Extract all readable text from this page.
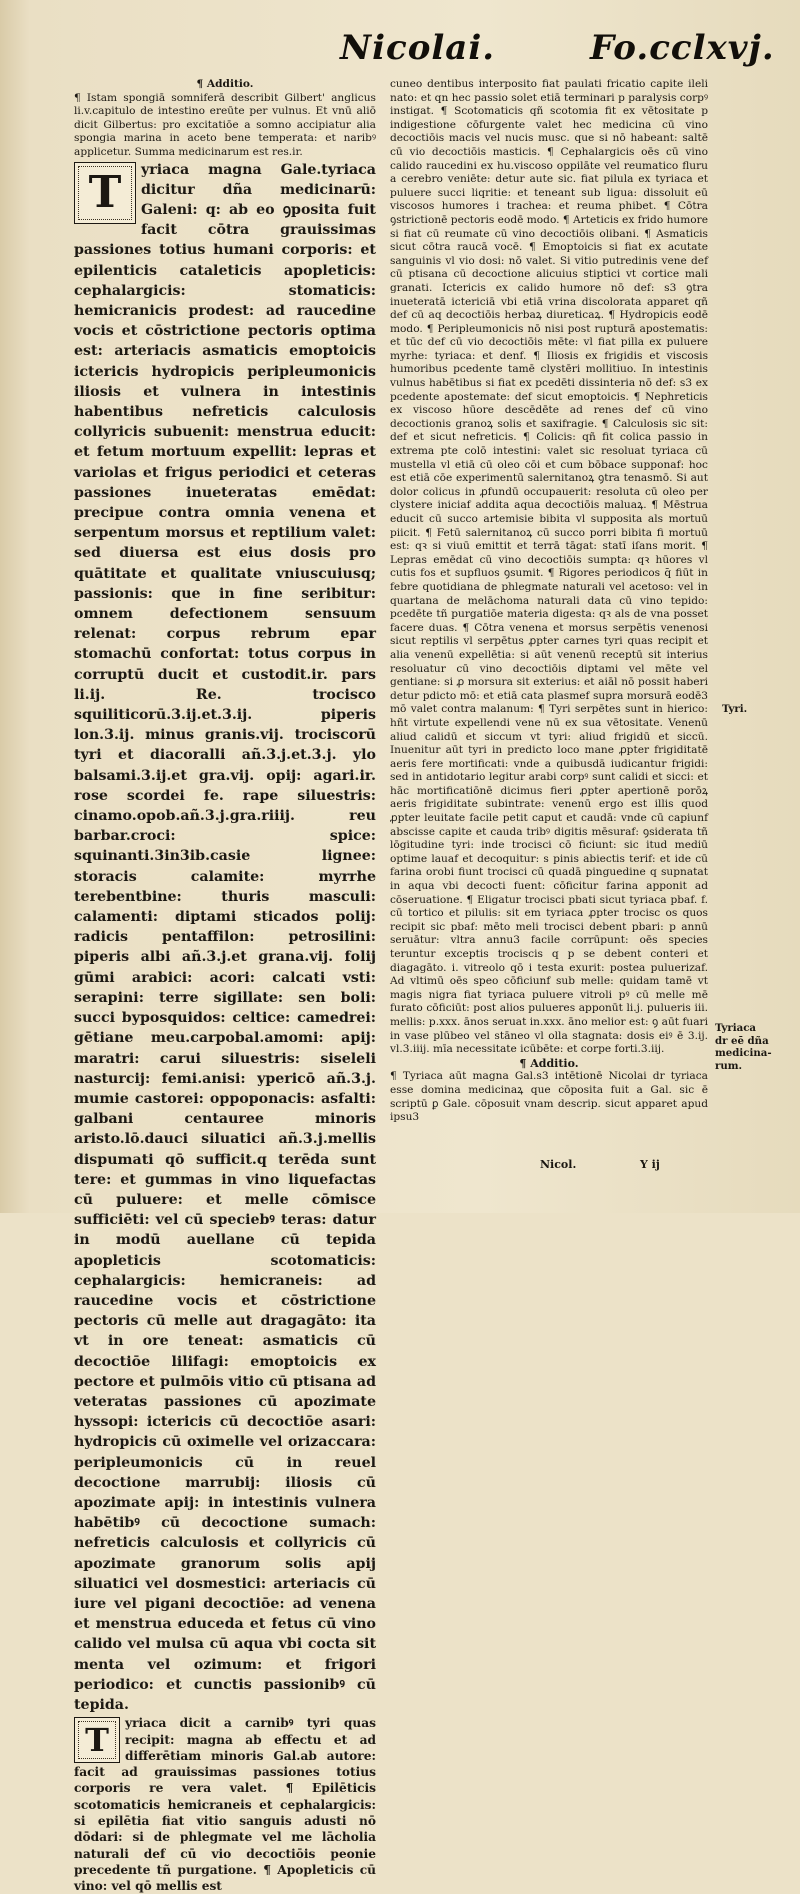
Nicolai.	Fo.cclxvj.

¶ Additio.

¶ Istam spongiā somniferā describit Gilbert' anglicus li.v.capitulo de intestino ereūte per vulnus. Et vnū aliō dicit Gilbertus: pro excitatiōe a somno accipiatur alia spongia marina in aceto bene temperata: et naribꝰ applicetur. Summa medicinarum est res.ir.

T	yriaca magna Gale.tyriaca dicitur dña medicinarū: Galeni: q: ab eo ꝯposita fuit facit cōtra grauissimas passiones totius humani corporis: et epilenticis cataleticis apopleticis: cephalargicis: stomaticis: hemicranicis prodest: ad raucedine vocis et cōstrictione pectoris optima est: arteriacis asmaticis emoptoicis ictericis hydropicis peripleumonicis iliosis et vulnera in intestinis habentibus nefreticis calculosis collyricis subuenit: menstrua educit: et fetum mortuum expellit: lepras et variolas et frigus periodici et ceteras passiones inueteratas emēdat: precipue contra omnia venena et serpentum morsus et reptilium valet: sed diuersa est eius dosis pro quātitate et qualitate vniuscuiusq; passionis: que in fine seribitur: omnem defectionem sensuum relenat: corpus rebrum epar stomachū confortat: totus corpus in corruptū ducit et custodit.ir. pars li.ij. Re. trocisco squiliticorū.3.ij.et.3.ij. piperis lon.3.ij. minus granis.vij. trociscorū tyri et diacoralli añ.3.j.et.3.j. ylo balsami.3.ij.et gra.vij. opij: agari.ir. rose scordei fe. rape siluestris: cinamo.opob.añ.3.j.gra.riiij. reu barbar.croci: spice: squinanti.3in3ib.casie lignee: storacis calamite: myrrhe terebentbine: thuris masculi: calamenti: diptami sticados polij: radicis pentaffilon: petrosilini: piperis albi añ.3.j.et grana.vij. folij gūmi arabici: acori: calcati vsti: serapini: terre sigillate: sen boli: succi byposquidos: celtice: camedrei: gētiane meu.carpobal.amomi: apij: maratri: carui siluestris: siseleli nasturcij: femi.anisi: ypericō añ.3.j. mumie castorei: oppoponacis: asfalti: galbani centauree minoris aristo.lō.dauci siluatici añ.3.j.mellis dispumati qō sufficit.q terēda sunt tere: et gummas in vino liquefactas cū puluere: et melle cōmisce sufficiēti: vel cū speciebꝰ teras: datur in modū auellane cū tepida apopleticis scotomaticis: cephalargicis: hemicraneis: ad raucedine vocis et cōstrictione pectoris cū melle aut dragagāto: ita vt in ore teneat: asmaticis cū decoctiōe lilifagi: emoptoicis ex pectore et pulmōis vitio cū ptisana ad veteratas passiones cū apozimate hyssopi: ictericis cū decoctiōe asari: hydropicis cū oximelle vel orizaccara: peripleumonicis cū in reuel decoctione marrubij: iliosis cū apozimate apij: in intestinis vulnera habētibꝰ cū decoctione sumach: nefreticis calculosis et collyricis cū apozimate granorum solis apij siluatici vel dosmestici: arteriacis cū iure vel pigani decoctiōe: ad venena et menstrua educeda et fetus cū vino calido vel mulsa cū aqua vbi cocta sit menta vel ozimum: et frigori periodico: et cunctis passionibꝰ cū tepida.

T	yriaca dicit a carnibꝰ tyri quas recipit: magna ab effectu et ad differētiam minoris Gal.ab autore: facit ad grauissimas passiones totius corporis re vera valet. ¶ Epilēticis scotomaticis hemicraneis et cephalargicis: si epilētia fiat vitio sanguis adusti nō dōdari: si de phlegmate vel me lācholia naturali def cū vio decoctiōis peonie precedente tñ purgatione. ¶ Apopleticis cū vino: vel qō mellis est

cuneo dentibus interposito fiat paulati fricatio capite ileli nato: et qn hec passio solet etiā terminari p paralysis corpꝰ instigat. ¶ Scotomaticis qñ scotomia fit ex vētositate p indigestione cōfurgente valet hec medicina cū vino decoctiōis macis vel nucis musc. que si nō habeant: saltē cū vio decoctiōis masticis. ¶ Cephalargicis oēs cū vino calido raucedini ex hu.viscoso oppilāte vel reumatico fluru a cerebro veniēte: detur aute sic. fiat pilula ex tyriaca et puluere succi liqritie: et teneant sub ligua: dissoluit eū viscosos humores i trachea: et reuma phibet. ¶ Cōtra ꝯstrictionē pectoris eodē modo. ¶ Arteticis ex frido humore si fiat cū reumate cū vino decoctiōis olibani. ¶ Asmaticis sicut cōtra raucā vocē. ¶ Emoptoicis si fiat ex acutate sanguinis vl vio dosi: nō valet. Si vitio putredinis vene def cū ptisana cū decoctione alicuius stiptici vt cortice mali granati. Ictericis ex calido humore nō def: s3 ꝯtra inueteratā ictericiā vbi etiā vrina discolorata apparet qñ def cū aq decoctiōis herbaꝝ diureticaꝝ. ¶ Hydropicis eodē modo. ¶ Peripleumonicis nō nisi post rupturā apostematis: et tūc def cū vio decoctiōis mēte: vl fiat pilla ex puluere myrhe: tyriaca: et denf. ¶ Iliosis ex frigidis et viscosis humoribus pcedente tamē clystēri mollitiuo. In intestinis vulnus habētibus si fiat ex pcedēti dissinteria nō def: s3 ex pcedente apostemate: def sicut emoptoicis. ¶ Nephreticis ex viscoso hūore descēdēte ad renes def cū vino decoctionis granoꝝ solis et saxifragie. ¶ Calculosis sic sit: def et sicut nefreticis. ¶ Colicis: qñ fit colica passio in extrema pte colō intestini: valet sic resoluat tyriaca cū mustella vl etiā cū oleo cōi et cum bōbace supponaf: hoc est etiā cōe experimentū salernitanoꝝ ꝯtra tenasmō. Si aut dolor colicus in ꝓfundū occupauerit: resoluta cū oleo per clystere iniciaf addita aqua decoctiōis maluaꝝ. ¶ Mēstrua educit cū succo artemisie bibita vl supposita als mortuū piicit. ¶ Fetū salernitanoꝝ cū succo porri bibita fi mortuū est: qꝛ si viuū emittit et terrā tāgat: statī iſans morit. ¶ Lepras emēdat cū vino decoctiōis sumpta: qꝛ hūores vl cutis fos et supfluos ꝯsumit. ¶ Rigores periodicos q̄ fiūt in febre quotidiana de phlegmate naturali vel acetoso: vel in quartana de melāchoma naturali data cū vino tepido: pcedēte tñ purgatiōe materia digesta: qꝛ als de vna posset facere duas. ¶ Cōtra venena et morsus serpētis venenosi sicut reptilis vl serpētus ꝓpter carnes tyri quas recipit et alia venenū expellētia: si aūt venenū receptū sit interius resoluatur cū vino decoctiōis diptami vel mēte vel gentiane: si ꝓ morsura sit exterius: et aiāl nō possit haberi detur pdicto mō: et etiā cata plasmef supra morsurā eodē3 mō valet contra malanum: ¶ Tyri serpētes sunt in hierico: hñt virtute expellendi vene nū ex sua vētositate. Venenū aliud calidū et siccum vt tyri: aliud frigidū et siccū. Inuenitur aūt tyri in predicto loco mane ꝓpter frigiditatē aeris fere mortificati: vnde a quibusdā iudicantur frigidi: sed in antidotario legitur arabi corpꝰ sunt calidi et sicci: et hāc mortificatiōnē dicimus fieri ꝓpter apertionē porōꝝ aeris frigiditate subintrate: venenū ergo est illis quod ꝓpter leuitate facile petit caput et caudā: vnde cū capiunf abscisse capite et cauda tribꝰ digitis mēsuraf: ꝯsiderata tñ lōgitudine tyri: inde trocisci cō ficiunt: sic itud mediū optime lauaf et decoquitur: s pinis abiectis terif: et ide cū farina orobi fiunt trocisci cū quadā pinguedine q supnatat in aqua vbi decocti fuent: cōficitur farina apponit ad cōseruatione. ¶ Eligatur trocisci pbati sicut tyriaca pbaf. f. cū tortico et pilulis: sit em tyriaca ꝓpter trocisc os quos recipit sic pbaf: mēto meli trocisci debent pbari: p annū seruātur: vltra annu3 facile corrūpunt: oēs species teruntur exceptis trociscis q p se debent conteri et diagagāto. i. vitreolo qō i testa exurit: postea puluerizaf. Ad vltimū oēs speo cōficiunf sub melle: quidam tamē vt magis nigra fiat tyriaca puluere vitroli pꝰ cū melle mē furato cōficiūt: post alios pulueres apponūt li.j. pulueris iii. mellis: p.xxx. ānos seruat in.xxx. āno melior est: ꝯ aūt fuari in vase plūbeo vel stāneo vl olla stagnata: dosis eiꝰ ē 3.ij. vl.3.iiij. mīa necessitate icūbēte: et corpe forti.3.iij.

¶ Additio.

¶ Tyriaca aūt magna Gal.s3 intētionē Nicolai dr tyriaca esse domina medicinaꝝ que cōposita fuit a Gal. sic ē scriptū ꝑ Gale. cōposuit vnam descrip. sicut apparet apud ipsu3

Tyri.
Tyriaca
dr eē dña
medicina-
rum.
Nicol.	Y ij
